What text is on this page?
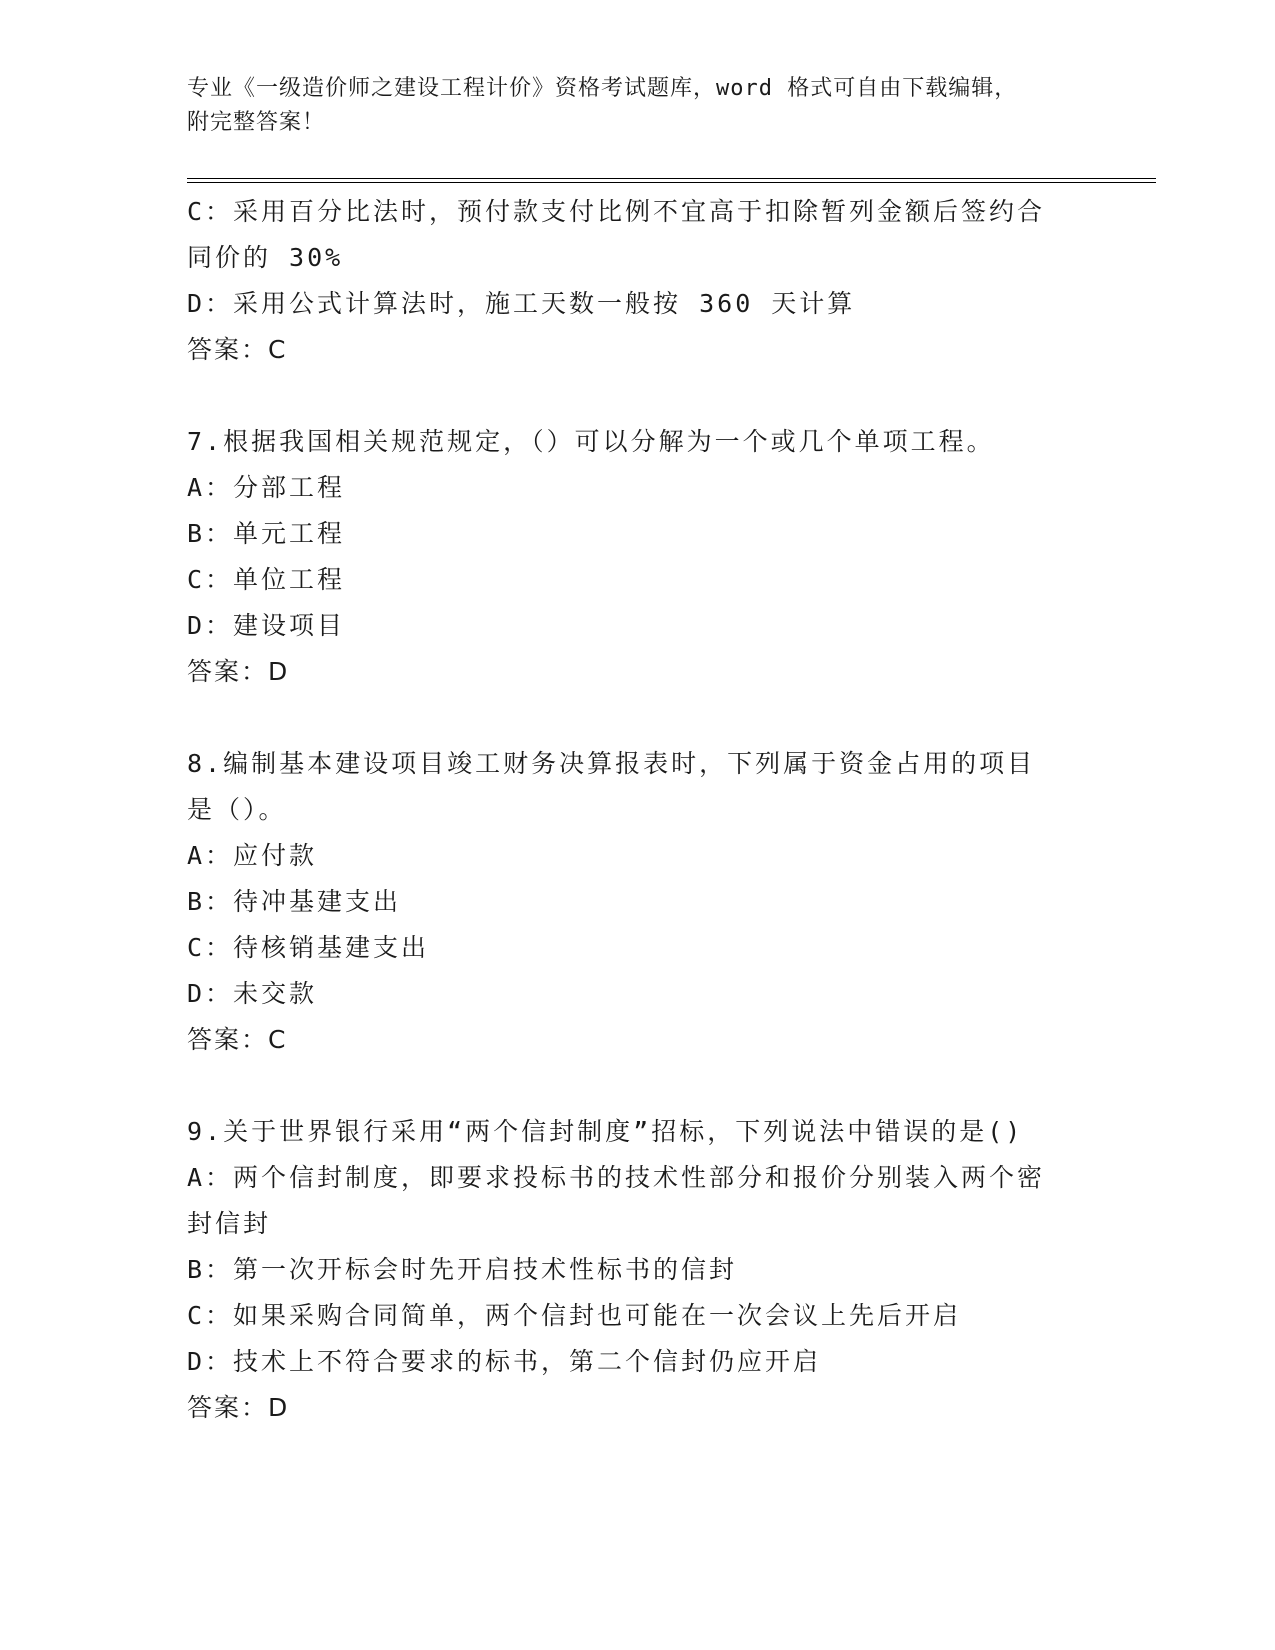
专业《一级造价师之建设工程计价》资格考试题库，word 格式可自由下载编辑，
附完整答案！
C：采用百分比法时，预付款支付比例不宜高于扣除暂列金额后签约合
同价的 30%
D：采用公式计算法时，施工天数一般按 360 天计算
答案：C
7.根据我国相关规范规定，（）可以分解为一个或几个单项工程。
A：分部工程
B：单元工程
C：单位工程
D：建设项目
答案：D
8.编制基本建设项目竣工财务决算报表时，下列属于资金占用的项目
是（）。
A：应付款
B：待冲基建支出
C：待核销基建支出
D：未交款
答案：C
9.关于世界银行采用“两个信封制度”招标，下列说法中错误的是()
A：两个信封制度，即要求投标书的技术性部分和报价分别装入两个密
封信封
B：第一次开标会时先开启技术性标书的信封
C：如果采购合同简单，两个信封也可能在一次会议上先后开启
D：技术上不符合要求的标书，第二个信封仍应开启
答案：D
